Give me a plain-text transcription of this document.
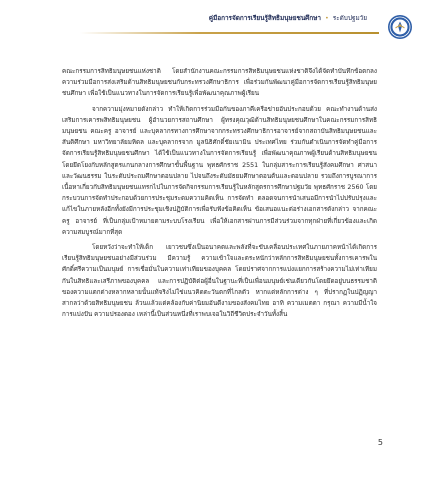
คู่มือการจัดการเรียนรู้สิทธิมนุษยชนศึกษา • ระดับปฐมวัย

คณะกรรมการสิทธิมนุษยชนแห่งชาติ โดยสำนักงานคณะกรรมการสิทธิมนุษยชนแห่งชาติจึงได้จัดทำบันทึกข้อตกลงความร่วมมือการส่งเสริมด้านสิทธิมนุษยชนกับกระทรวงศึกษาธิการ เพื่อร่วมกันพัฒนาคู่มือการจัดการเรียนรู้สิทธิมนุษยชนศึกษา เพื่อใช้เป็นแนวทางในการจัดการเรียนรู้เพื่อพัฒนาคุณภาพผู้เรียน

จากความมุ่งหมายดังกล่าว ทำให้เกิดการร่วมมือกันของภาคีเครือข่ายอันประกอบด้วย คณะทำงานด้านส่งเสริมการเคารพสิทธิมนุษยชน ผู้อำนวยการสถานศึกษา ผู้ทรงคุณวุฒิด้านสิทธิมนุษยชนศึกษาในคณะกรรมการสิทธิมนุษยชน คณะครู อาจารย์ และบุคลากรทางการศึกษาจากกระทรวงศึกษาธิการอาจารย์จากสถาบันสิทธิมนุษยชนและสันติศึกษา มหาวิทยาลัยมหิดล และบุคลากรจาก มูลนิธิศักดิ์ชัยเนามิน ประเทศไทย ร่วมกันดำเนินการจัดทำคู่มือการจัดการเรียนรู้สิทธิมนุษยชนศึกษา ได้ใช้เป็นแนวทางในการจัดการเรียนรู้ เพื่อพัฒนาคุณภาพผู้เรียนด้านสิทธิมนุษยชน โดยยึดโยงกับหลักสูตรแกนกลางการศึกษาขั้นพื้นฐาน พุทธศักราช 2551 ในกลุ่มสาระการเรียนรู้สังคมศึกษา ศาสนาและวัฒนธรรม ในระดับประถมศึกษาตอนปลาย ไปจนถึงระดับมัธยมศึกษาตอนต้นและตอนปลาย รวมถึงการบูรณาการเนื้อหาเกี่ยวกับสิทธิมนุษยชนแทรกไปในการจัดกิจกรรมการเรียนรู้ในหลักสูตรการศึกษาปฐมวัย พุทธศักราช 2560 โดยกระบวนการจัดทำประกอบด้วยการประชุมระดมความคิดเห็น การจัดทำ ตลอดจนการนำเสนอมีการนำไปปรับปรุงและแก้ไขในภายหลังอีกทั้งยังมีการประชุมเชิงปฏิบัติการเพื่อรับฟังข้อคิดเห็น ข้อเสนอแนะต่อร่างเอกสารดังกล่าว จากคณะครู อาจารย์ ที่เป็นกลุ่มเป้าหมายตามระบบโรงเรียน เพื่อให้เอกสารผ่านการมีส่วนร่วมจากทุกฝ่ายที่เกี่ยวข้องและเกิดความสมบูรณ์มากที่สุด

โดยหวังว่าจะทำให้เด็ก เยาวชนซึ่งเป็นอนาคตและพลังที่จะขับเคลื่อนประเทศในภายภาคหน้าได้เกิดการเรียนรู้สิทธิมนุษยชนอย่างมีส่วนร่วม มีความรู้ ความเข้าใจและตระหนักว่าหลักการสิทธิมนุษยชนทั้งการเคารพในศักดิ์ศรีความเป็นมนุษย์ การเชื่อมั่นในความเท่าเทียมของบุคคล โดยปราศจากการแบ่งแยกการสร้างความไม่เท่าเทียมกันในสิทธิและเสรีภาพของบุคคล และการปฏิบัติต่อผู้อื่นในฐานะที่เป็นเพื่อนมนุษย์เช่นเดียวกันโดยยึดอยู่บนธรรมชาติของความแตกต่างหลากหลายนั้นแท้จริงไม่ใช่แนวคิดตะวันตกที่ไกลตัว หากแต่หลักการต่าง ๆ ที่ปรากฏในปฏิญญาสากลว่าด้วยสิทธิมนุษยชน ล้วนแล้วแต่คล้องกับค่านิยมอันดีงามของสังคมไทย อาทิ ความเมตตา กรุณา ความมีน้ำใจ การแบ่งปัน ความปรองดอง เหล่านี้เป็นส่วนหนึ่งที่เราพบเจอในวิถีชีวิตประจำวันทั้งสิ้น

5
